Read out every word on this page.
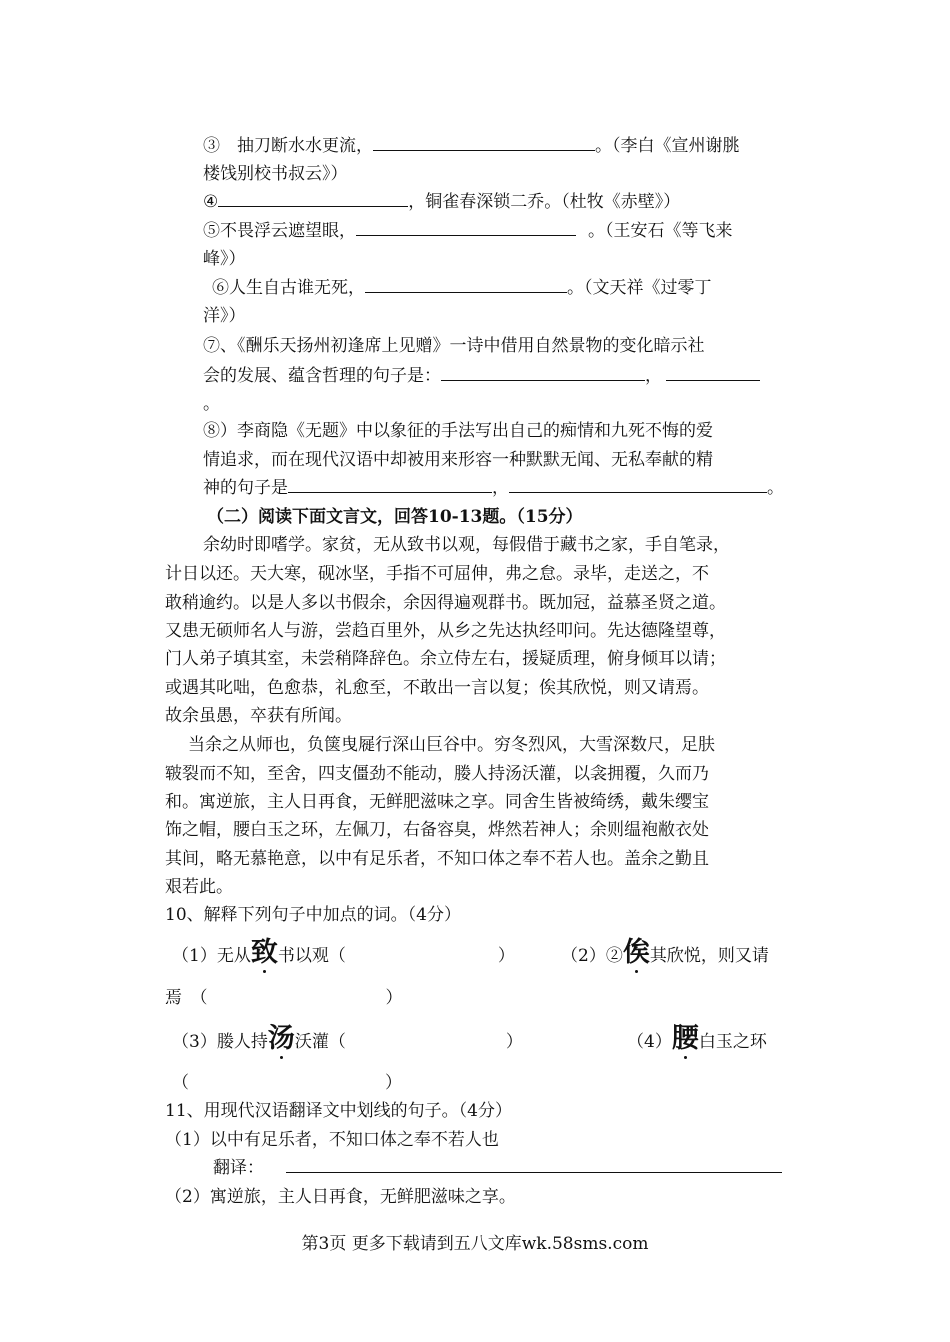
③　抽刀断水水更流，	。（李白《宣州谢朓
楼饯别校书叔云》）
④	，铜雀春深锁二乔。（杜牧《赤壁》）
⑤不畏浮云遮望眼，	。（王安石《等飞来
峰》）
⑥人生自古谁无死，	。（文天祥《过零丁
洋》）
⑦、《酬乐天扬州初逢席上见赠》一诗中借用自然景物的变化暗示社
会的发展、蕴含哲理的句子是：	，
。
⑧）李商隐《无题》中以象征的手法写出自己的痴情和九死不悔的爱
情追求，而在现代汉语中却被用来形容一种默默无闻、无私奉献的精
神的句子是	，	。
（二）阅读下面文言文，回答10-13题。（15分）
余幼时即嗜学。家贫，无从致书以观，每假借于藏书之家，手自笔录，
计日以还。天大寒，砚冰坚，手指不可屈伸，弗之怠。录毕，走送之，不
敢稍逾约。以是人多以书假余，余因得遍观群书。既加冠，益慕圣贤之道。
又患无硕师名人与游，尝趋百里外，从乡之先达执经叩问。先达德隆望尊，
门人弟子填其室，未尝稍降辞色。余立侍左右，援疑质理，俯身倾耳以请；
或遇其叱咄，色愈恭，礼愈至，不敢出一言以复；俟其欣悦，则又请焉。
故余虽愚，卒获有所闻。
当余之从师也，负箧曳屣行深山巨谷中。穷冬烈风，大雪深数尺，足肤
皲裂而不知，至舍，四支僵劲不能动，媵人持汤沃灌，以衾拥覆，久而乃
和。寓逆旅，主人日再食，无鲜肥滋味之享。同舍生皆被绮绣，戴朱缨宝
饰之帽，腰白玉之环，左佩刀，右备容臭，烨然若神人；余则缊袍敝衣处
其间，略无慕艳意，以中有足乐者，不知口体之奉不若人也。盖余之勤且
艰若此。
10、解释下列句子中加点的词。（4分）
（1）无从致书以观（	）	（2）②俟其欣悦，则又请
焉　（	）
（3）媵人持汤沃灌（	）	（4）腰白玉之环
（	）
11、用现代汉语翻译文中划线的句子。（4分）
（1）以中有足乐者，不知口体之奉不若人也
翻译：
（2）寓逆旅，主人日再食，无鲜肥滋味之享。
第3页 更多下载请到五八文库wk.58sms.com
